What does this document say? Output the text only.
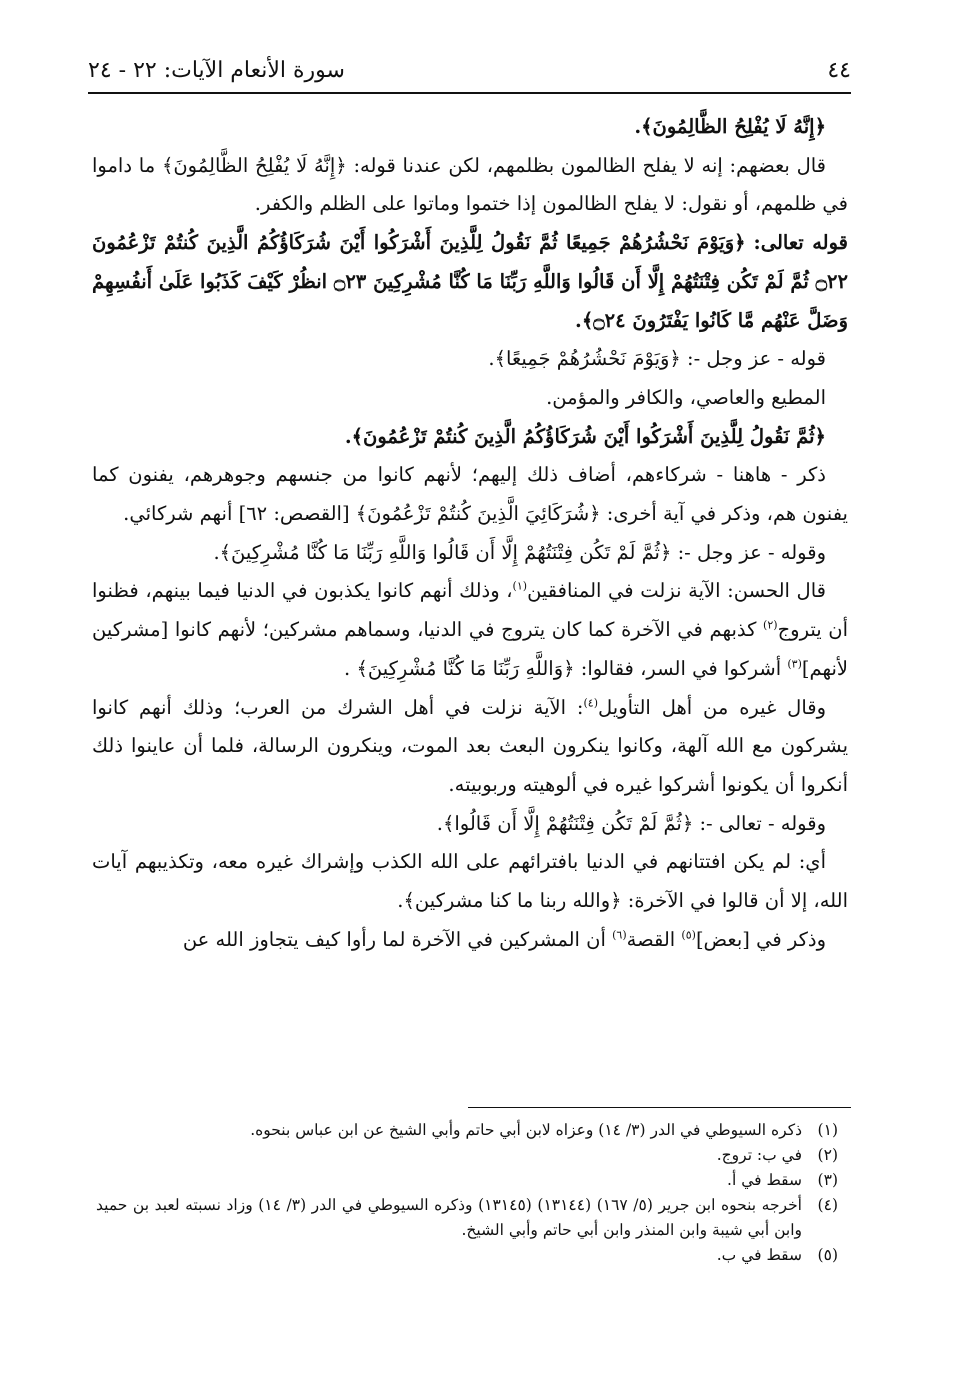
٤٤
سورة الأنعام الآيات: ٢٢ - ٢٤

﴿إِنَّهُ لَا يُفْلِحُ الظَّالِمُونَ﴾.

قال بعضهم: إنه لا يفلح الظالمون بظلمهم، لكن عندنا قوله: ﴿إِنَّهُ لَا يُفْلِحُ الظَّالِمُونَ﴾ ما داموا في ظلمهم، أو نقول: لا يفلح الظالمون إذا ختموا وماتوا على الظلم والكفر.

قوله تعالى: ﴿وَيَوْمَ نَحْشُرُهُمْ جَمِيعًا ثُمَّ نَقُولُ لِلَّذِينَ أَشْرَكُوا أَيْنَ شُرَكَاؤُكُمُ الَّذِينَ كُنتُمْ تَزْعُمُونَ ۝٢٢ ثُمَّ لَمْ تَكُن فِتْنَتُهُمْ إِلَّا أَن قَالُوا وَاللَّهِ رَبِّنَا مَا كُنَّا مُشْرِكِينَ ۝٢٣ انظُرْ كَيْفَ كَذَبُوا عَلَىٰ أَنفُسِهِمْ وَضَلَّ عَنْهُم مَّا كَانُوا يَفْتَرُونَ ۝٢٤﴾.

قوله - عز وجل -: ﴿وَيَوْمَ نَحْشُرُهُمْ جَمِيعًا﴾.

المطيع والعاصي، والكافر والمؤمن.

﴿ثُمَّ نَقُولُ لِلَّذِينَ أَشْرَكُوا أَيْنَ شُرَكَاؤُكُمُ الَّذِينَ كُنتُمْ تَزْعُمُونَ﴾.

ذكر - هاهنا - شركاءهم، أضاف ذلك إليهم؛ لأنهم كانوا من جنسهم وجوهرهم، يفنون كما يفنون هم، وذكر في آية أخرى: ﴿شُرَكَائِيَ الَّذِينَ كُنتُمْ تَزْعُمُونَ﴾ [القصص: ٦٢] أنهم شركائي.

وقوله - عز وجل -: ﴿ثُمَّ لَمْ تَكُن فِتْنَتُهُمْ إِلَّا أَن قَالُوا وَاللَّهِ رَبِّنَا مَا كُنَّا مُشْرِكِينَ﴾.

قال الحسن: الآية نزلت في المنافقين$^{(١)}$، وذلك أنهم كانوا يكذبون في الدنيا فيما بينهم، فظنوا أن يتروج$^{(٢)}$ كذبهم في الآخرة كما كان يتروج في الدنيا، وسماهم مشركين؛ لأنهم كانوا [مشركين لأنهم]$^{(٣)}$ أشركوا في السر، فقالوا: ﴿وَاللَّهِ رَبِّنَا مَا كُنَّا مُشْرِكِينَ﴾ .

وقال غيره من أهل التأويل$^{(٤)}$: الآية نزلت في أهل الشرك من العرب؛ وذلك أنهم كانوا يشركون مع الله آلهة، وكانوا ينكرون البعث بعد الموت، وينكرون الرسالة، فلما أن عاينوا ذلك أنكروا أن يكونوا أشركوا غيره في ألوهيته وربوبيته.

وقوله - تعالى -: ﴿ثُمَّ لَمْ تَكُن فِتْنَتُهُمْ إِلَّا أَن قَالُوا﴾.

أي: لم يكن افتتانهم في الدنيا بافترائهم على الله الكذب وإشراك غيره معه، وتكذيبهم آيات الله، إلا أن قالوا في الآخرة: ﴿والله ربنا ما كنا مشركين﴾.

وذكر في [بعض]$^{(٥)}$ القصة$^{(٦)}$ أن المشركين في الآخرة لما رأوا كيف يتجاوز الله عن

(١)
ذكره السيوطي في الدر (٣/ ١٤) وعزاه لابن أبي حاتم وأبي الشيخ عن ابن عباس بنحوه.

(٢)
في ب: تروج.

(٣)
سقط في أ.

(٤)
أخرجه بنحوه ابن جرير (٥/ ١٦٧) (١٣١٤٤) (١٣١٤٥) وذكره السيوطي في الدر (٣/ ١٤) وزاد نسبته لعبد بن حميد وابن أبي شيبة وابن المنذر وابن أبي حاتم وأبي الشيخ.

(٥)
سقط في ب.
